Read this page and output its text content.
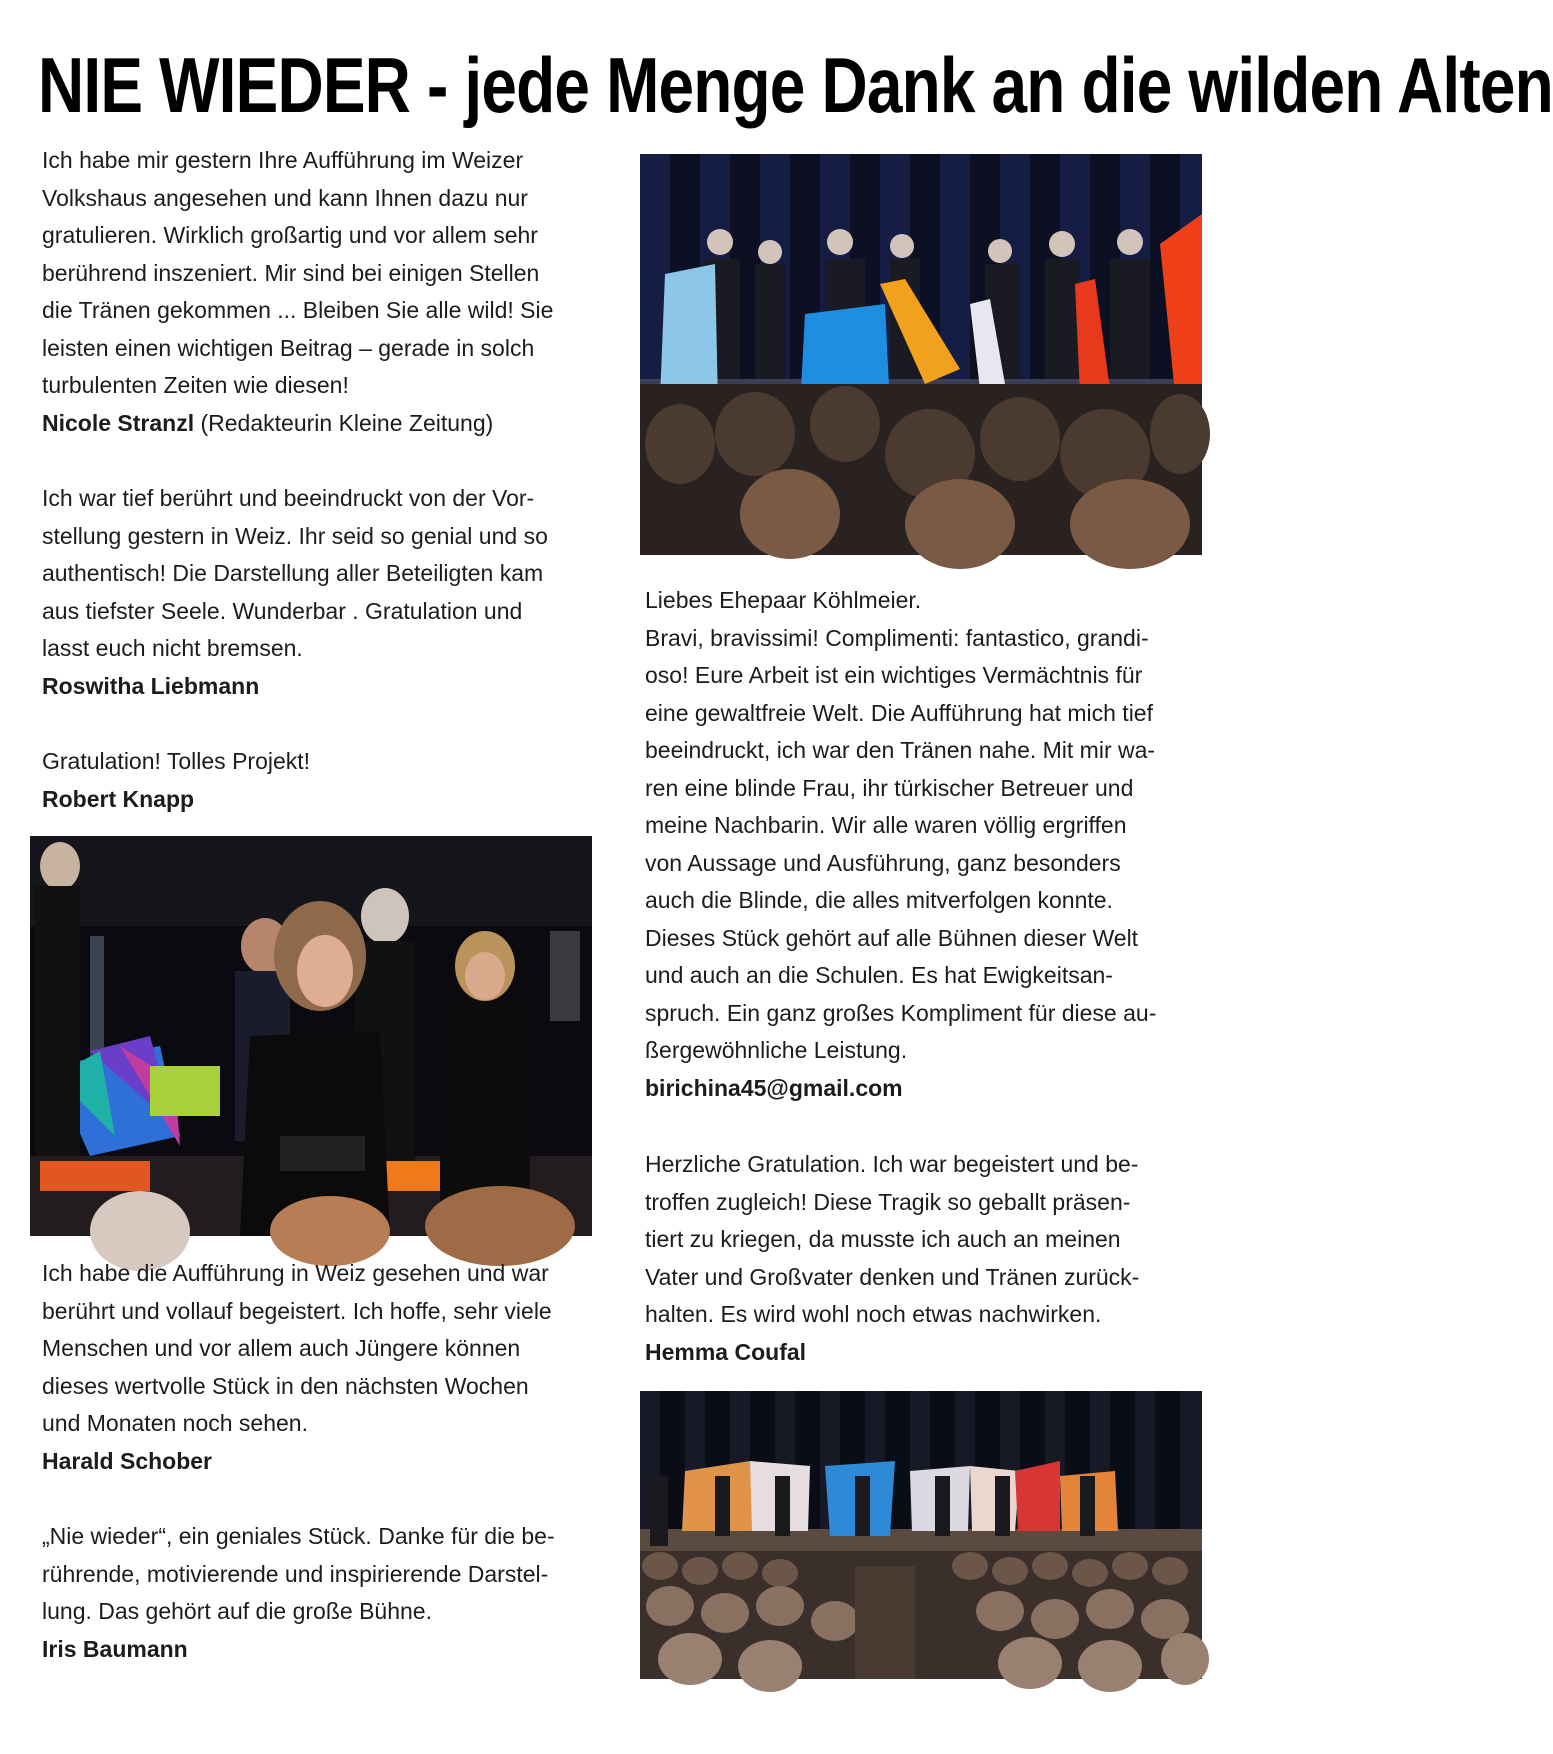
NIE WIEDER - jede Menge Dank an die wilden Alten

Ich habe mir gestern Ihre Aufführung im Weizer

Volkshaus angesehen und kann Ihnen dazu nur

gratulieren. Wirklich großartig und vor allem sehr

berührend inszeniert. Mir sind bei einigen Stellen

die Tränen gekommen ... Bleiben Sie alle wild! Sie

leisten einen wichtigen Beitrag – gerade in solch

turbulenten Zeiten wie diesen!

Nicole Stranzl (Redakteurin Kleine Zeitung)

Ich war tief berührt und beeindruckt von der Vor-

stellung gestern in Weiz. Ihr seid so genial und so

authentisch! Die Darstellung aller Beteiligten kam

aus tiefster Seele. Wunderbar . Gratulation und

lasst euch nicht bremsen.

Roswitha Liebmann

Gratulation! Tolles Projekt!

Robert Knapp

Ich habe die Aufführung in Weiz gesehen und war

berührt und vollauf begeistert. Ich hoffe, sehr viele

Menschen und vor allem auch Jüngere können

dieses wertvolle Stück in den nächsten Wochen

und Monaten noch sehen.

Harald Schober

„Nie wieder“, ein geniales Stück. Danke für die be-

rührende, motivierende und inspirierende Darstel-

lung. Das gehört auf die große Bühne.

Iris Baumann

Liebes Ehepaar Köhlmeier.

Bravi, bravissimi! Complimenti: fantastico, grandi-

oso! Eure Arbeit ist ein wichtiges Vermächtnis für

eine gewaltfreie Welt. Die Aufführung hat mich tief

beeindruckt, ich war den Tränen nahe. Mit mir wa-

ren eine blinde Frau, ihr türkischer Betreuer und

meine Nachbarin. Wir alle waren völlig ergriffen

von Aussage und Ausführung, ganz besonders

auch die Blinde, die alles mitverfolgen konnte.

Dieses Stück gehört auf alle Bühnen dieser Welt

und auch an die Schulen. Es hat Ewigkeitsan-

spruch. Ein ganz großes Kompliment für diese au-

ßergewöhnliche Leistung.

birichina45@gmail.com

Herzliche Gratulation. Ich war begeistert und be-

troffen zugleich! Diese Tragik so geballt präsen-

tiert zu kriegen, da musste ich auch an meinen

Vater und Großvater denken und Tränen zurück-

halten. Es wird wohl noch etwas nachwirken.

Hemma Coufal
